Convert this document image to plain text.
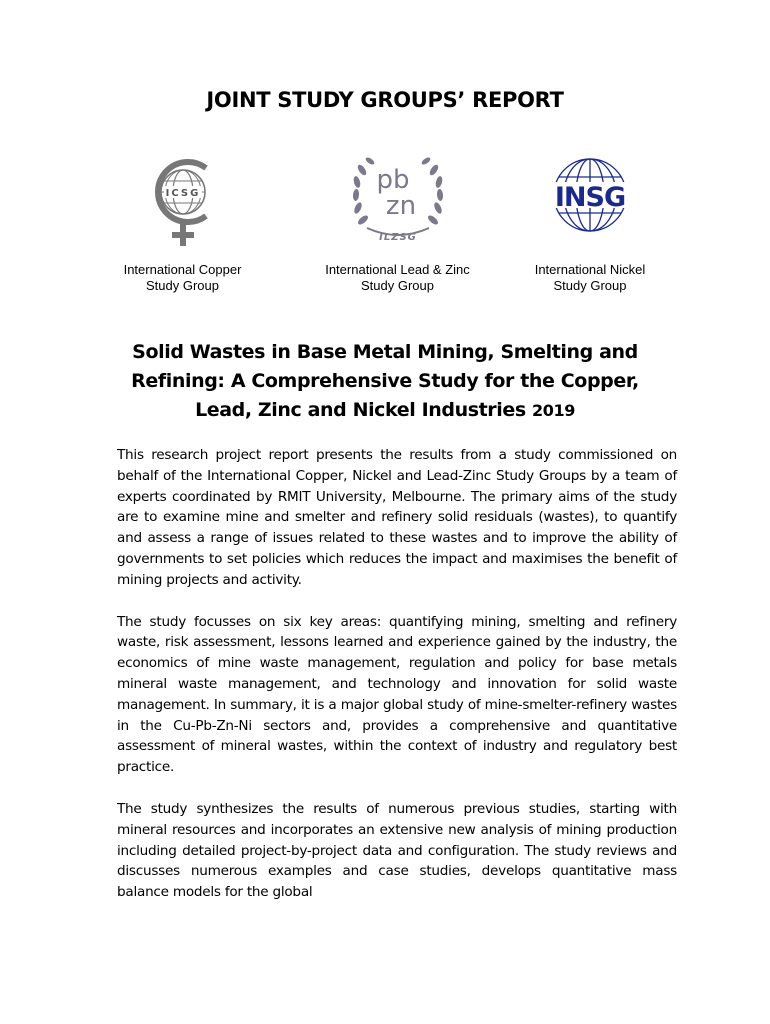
JOINT STUDY GROUPS’ REPORT
ICSG
International Copper
Study Group
pb
zn
ILZSG
International Lead & Zinc
Study Group
INSG
International Nickel
Study Group
Solid Wastes in Base Metal Mining, Smelting and Refining: A Comprehensive Study for the Copper, Lead, Zinc and Nickel Industries 2019

This research project report presents the results from a study commissioned on behalf of the International Copper, Nickel and Lead-Zinc Study Groups by a team of experts coordinated by RMIT University, Melbourne. The primary aims of the study are to examine mine and smelter and refinery solid residuals (wastes), to quantify and assess a range of issues related to these wastes and to improve the ability of governments to set policies which reduces the impact and maximises the benefit of mining projects and activity.

The study focusses on six key areas: quantifying mining, smelting and refinery waste, risk assessment, lessons learned and experience gained by the industry, the economics of mine waste management, regulation and policy for base metals mineral waste management, and technology and innovation for solid waste management. In summary, it is a major global study of mine-smelter-refinery wastes in the Cu-Pb-Zn-Ni sectors and, provides a comprehensive and quantitative assessment of mineral wastes, within the context of industry and regulatory best practice.

The study synthesizes the results of numerous previous studies, starting with mineral resources and incorporates an extensive new analysis of mining production including detailed project-by-project data and configuration. The study reviews and discusses numerous examples and case studies, develops quantitative mass balance models for the global
